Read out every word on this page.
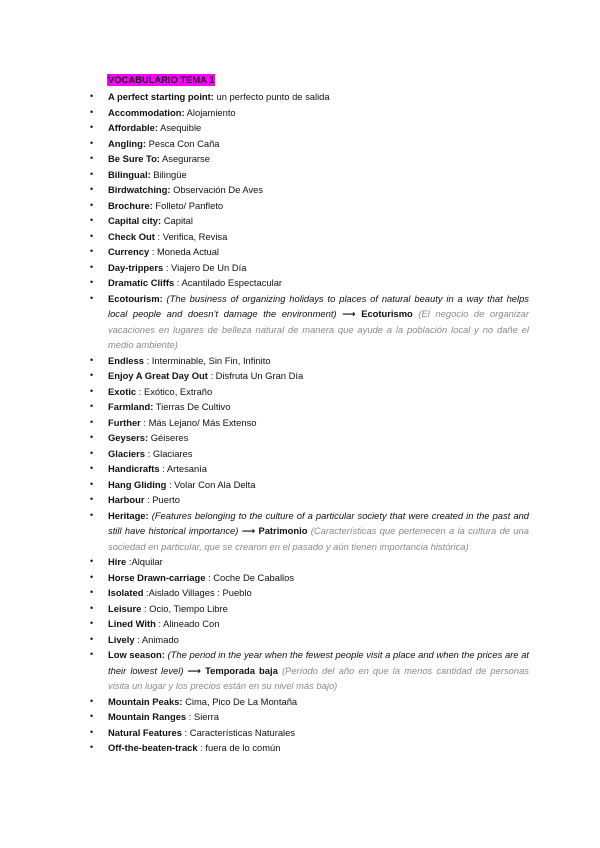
VOCABULARIO TEMA 1
• A perfect starting point: un perfecto punto de salida
• Accommodation: Alojamiento
• Affordable: Asequible
• Angling: Pesca Con Caña
• Be Sure To: Asegurarse
• Bilingual: Bilingüe
• Birdwatching: Observación De Aves
• Brochure: Folleto/ Panfleto
• Capital city: Capital
• Check Out : Verifica, Revisa
• Currency : Moneda Actual
• Day-trippers : Viajero De Un Día
• Dramatic Cliffs : Acantilado Espectacular
• Ecotourism: (The business of organizing holidays to places of natural beauty in a way that helps local people and doesn’t damage the environment) ⟶ Ecoturismo (El negocio de organizar vacaciones en lugares de belleza natural de manera que ayude a la población local y no dañe el medio ambiente)
• Endless : Interminable, Sin Fin, Infinito
• Enjoy A Great Day Out : Disfruta Un Gran Día
• Exotic : Exótico, Extraño
• Farmland: Tierras De Cultivo
• Further : Más Lejano/ Más Extenso
• Geysers: Géiseres
• Glaciers : Glaciares
• Handicrafts : Artesanía
• Hang Gliding : Volar Con Ala Delta
• Harbour : Puerto
• Heritage: (Features belonging to the culture of a particular society that were created in the past and still have historical importance) ⟶ Patrimonio (Características que pertenecen a la cultura de una sociedad en particular, que se crearon en el pasado y aún tienen importancia histórica)
• Hire :Alquilar
• Horse Drawn-carriage : Coche De Caballos
• Isolated :Aislado Villages : Pueblo
• Leisure : Ocio, Tiempo Libre
• Lined With : Alineado Con
• Lively : Animado
• Low season: (The period in the year when the fewest people visit a place and when the prices are at their lowest level) ⟶ Temporada baja (Período del año en que la menos cantidad de personas visita un lugar y los precios están en su nivel más bajo)
• Mountain Peaks: Cima, Pico De La Montaña
• Mountain Ranges : Sierra
• Natural Features : Características Naturales
• Off-the-beaten-track : fuera de lo común
